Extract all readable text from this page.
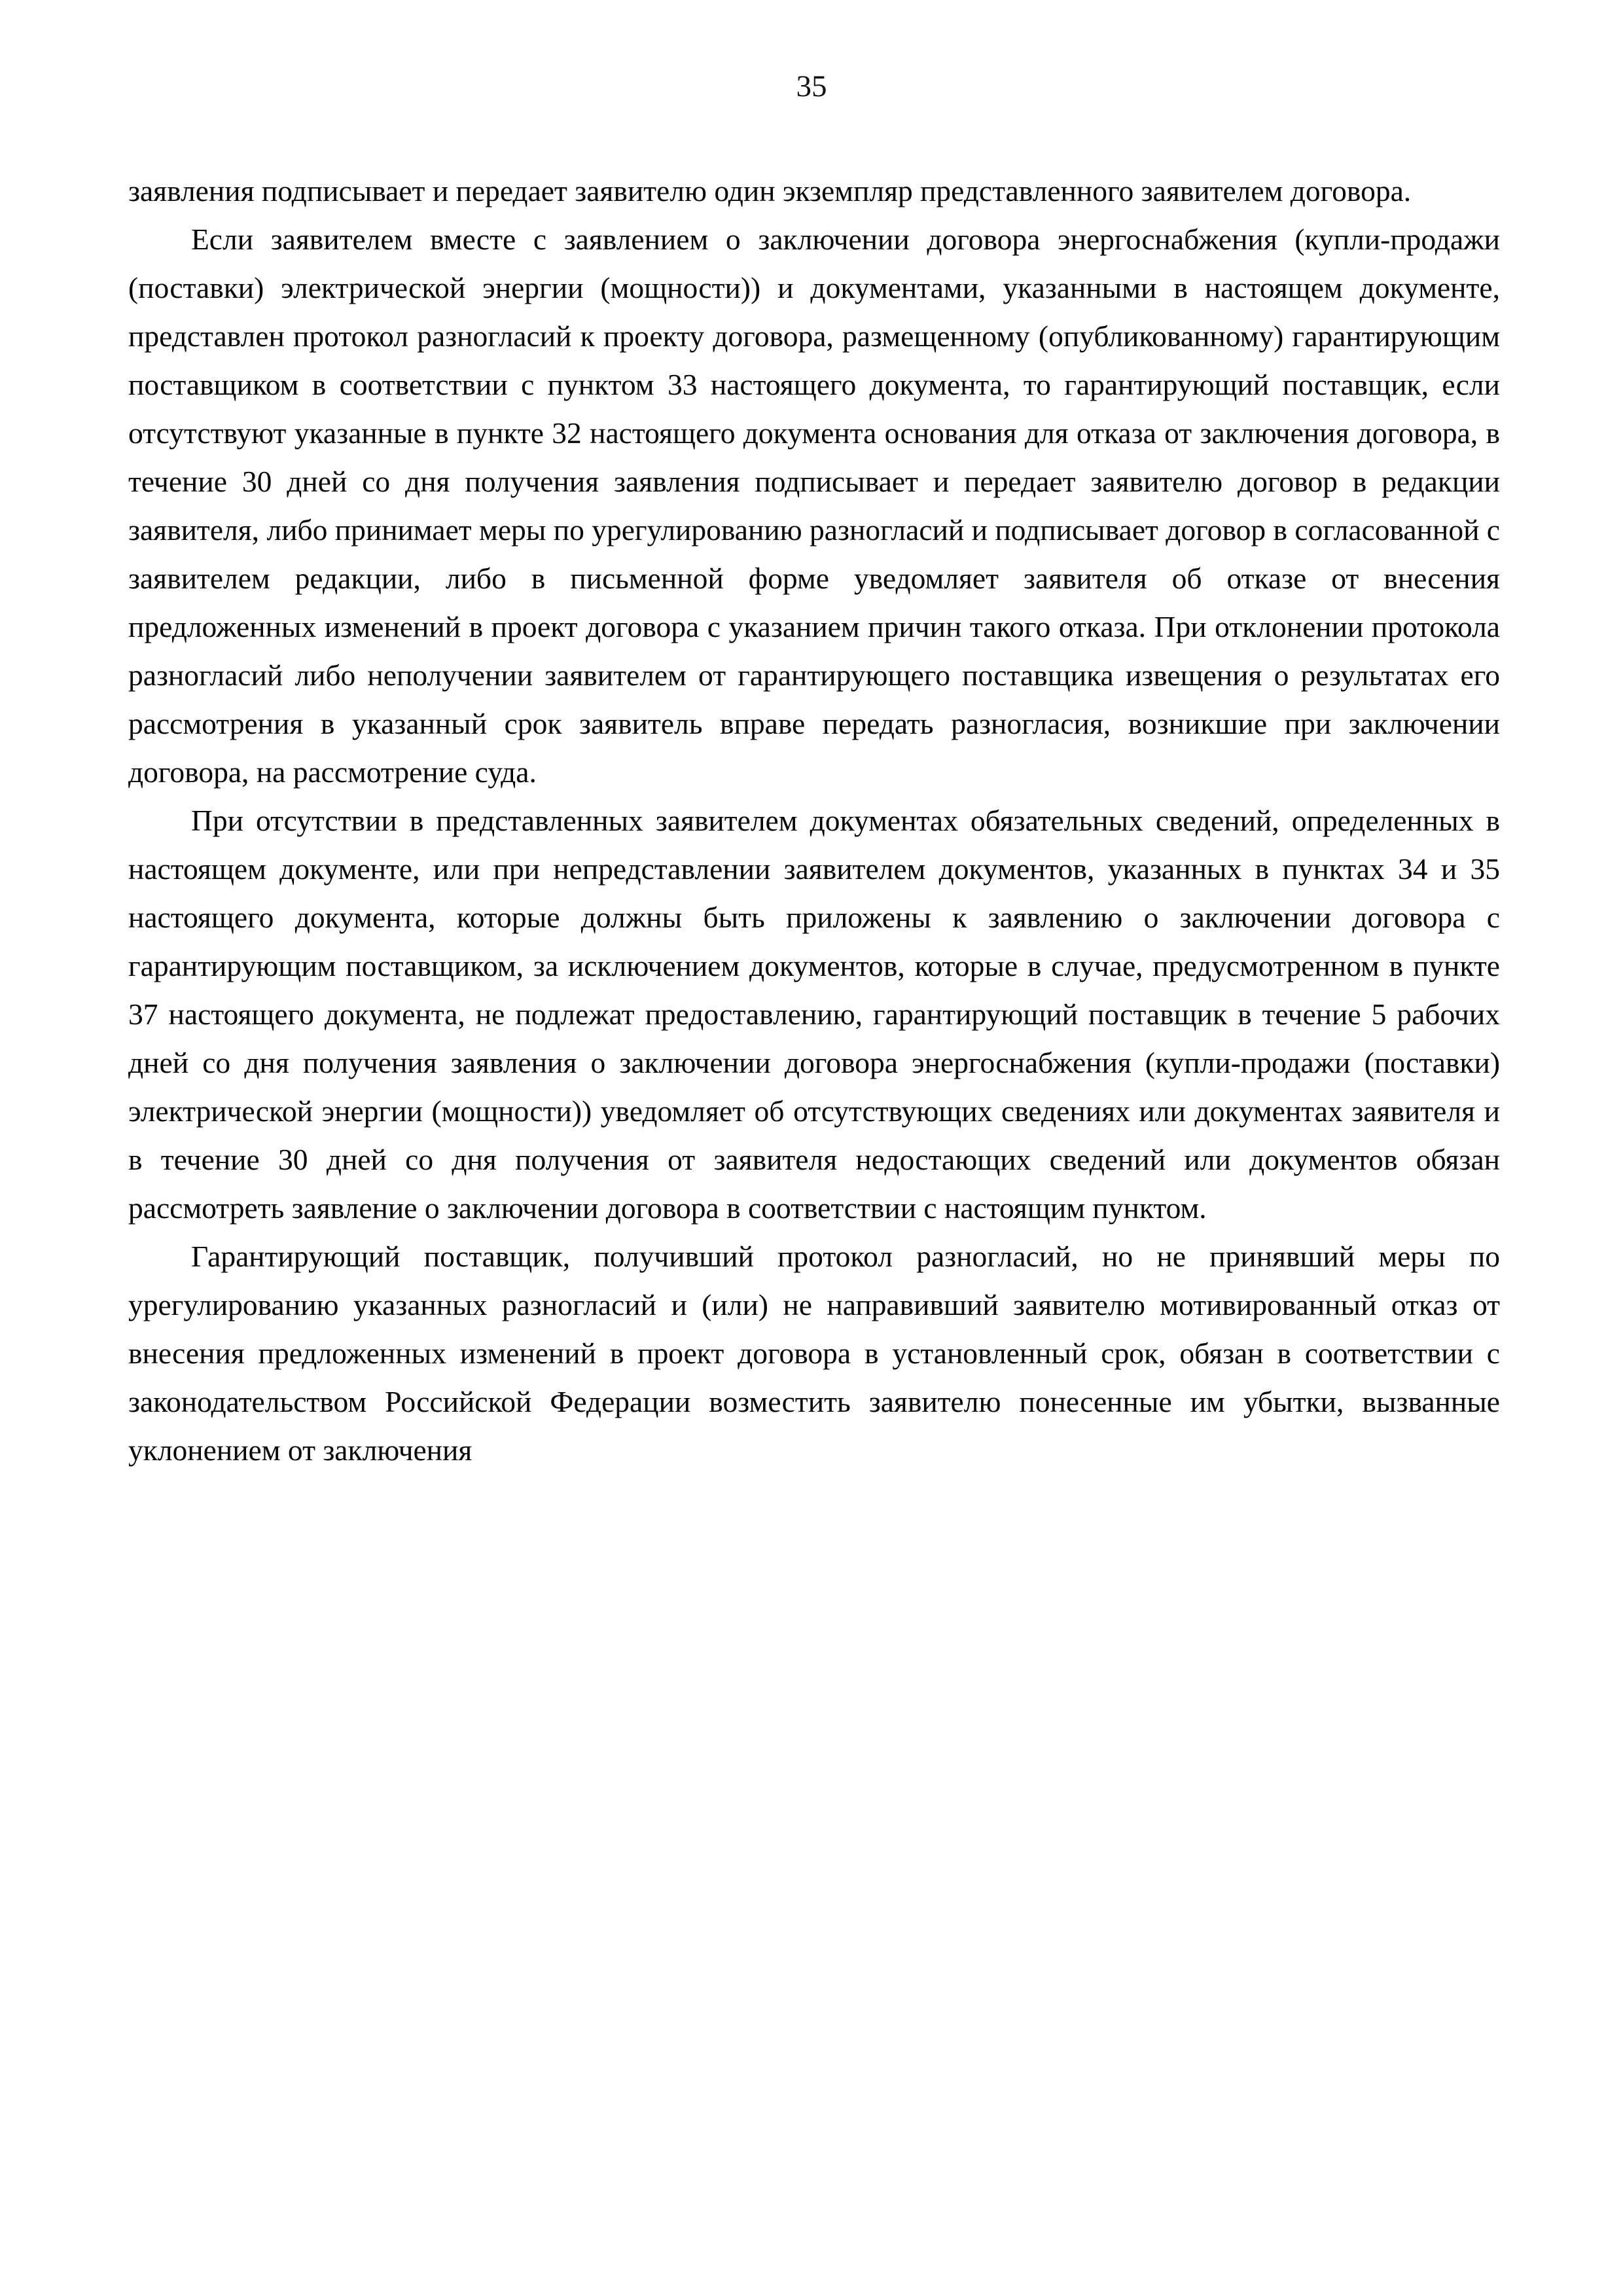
35

заявления подписывает и передает заявителю один экземпляр представленного заявителем договора.

Если заявителем вместе с заявлением о заключении договора энергоснабжения (купли-продажи (поставки) электрической энергии (мощности)) и документами, указанными в настоящем документе, представлен протокол разногласий к проекту договора, размещенному (опубликованному) гарантирующим поставщиком в соответствии с пунктом 33 настоящего документа, то гарантирующий поставщик, если отсутствуют указанные в пункте 32 настоящего документа основания для отказа от заключения договора, в течение 30 дней со дня получения заявления подписывает и передает заявителю договор в редакции заявителя, либо принимает меры по урегулированию разногласий и подписывает договор в согласованной с заявителем редакции, либо в письменной форме уведомляет заявителя об отказе от внесения предложенных изменений в проект договора с указанием причин такого отказа. При отклонении протокола разногласий либо неполучении заявителем от гарантирующего поставщика извещения о результатах его рассмотрения в указанный срок заявитель вправе передать разногласия, возникшие при заключении договора, на рассмотрение суда.

При отсутствии в представленных заявителем документах обязательных сведений, определенных в настоящем документе, или при непредставлении заявителем документов, указанных в пунктах 34 и 35 настоящего документа, которые должны быть приложены к заявлению о заключении договора с гарантирующим поставщиком, за исключением документов, которые в случае, предусмотренном в пункте 37 настоящего документа, не подлежат предоставлению, гарантирующий поставщик в течение 5 рабочих дней со дня получения заявления о заключении договора энергоснабжения (купли-продажи (поставки) электрической энергии (мощности)) уведомляет об отсутствующих сведениях или документах заявителя и в течение 30 дней со дня получения от заявителя недостающих сведений или документов обязан рассмотреть заявление о заключении договора в соответствии с настоящим пунктом.

Гарантирующий поставщик, получивший протокол разногласий, но не принявший меры по урегулированию указанных разногласий и (или) не направивший заявителю мотивированный отказ от внесения предложенных изменений в проект договора в установленный срок, обязан в соответствии с законодательством Российской Федерации возместить заявителю понесенные им убытки, вызванные уклонением от заключения
